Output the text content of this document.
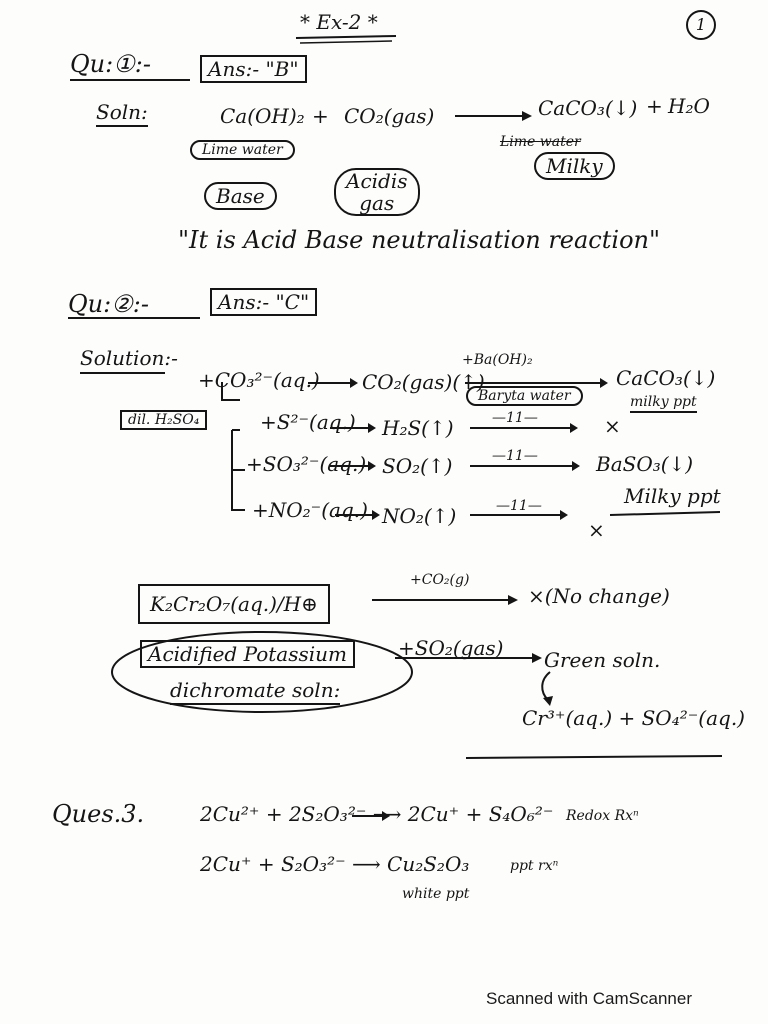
* Ex-2 *	1
Qu:①:-	Ans:- "B"
Soln:	Ca(OH)₂ + CO₂(gas)	CaCO₃(↓) + H₂O
Lime water	Lime water
Milky
Base
Acidis
gas
"It is Acid Base neutralisation reaction"
Qu:②:-	Ans:- "C"
Solution:-
dil. H₂SO₄
+CO₃²⁻(aq.) CO₂(gas)(↑)
+Ba(OH)₂
Baryta water
CaCO₃(↓)
milky ppt
+S²⁻(aq.) H₂S(↑)	—11—	×
+SO₃²⁻(aq.) SO₂(↑)	—11—	BaSO₃(↓)
Milky ppt
+NO₂⁻(aq.) NO₂(↑)	—11—
×
K₂Cr₂O₇(aq.)/H⊕
+CO₂(g)
×(No change)
Acidified Potassium
dichromate soln:
+SO₂(gas) Green soln.
Cr³⁺(aq.) + SO₄²⁻(aq.)
Ques.3.	2Cu²⁺ + 2S₂O₃²⁻ ⟶ 2Cu⁺ + S₄O₆²⁻ Redox Rxⁿ
2Cu⁺ + S₂O₃²⁻ ⟶ Cu₂S₂O₃	ppt rxⁿ
white ppt
Scanned with CamScanner
